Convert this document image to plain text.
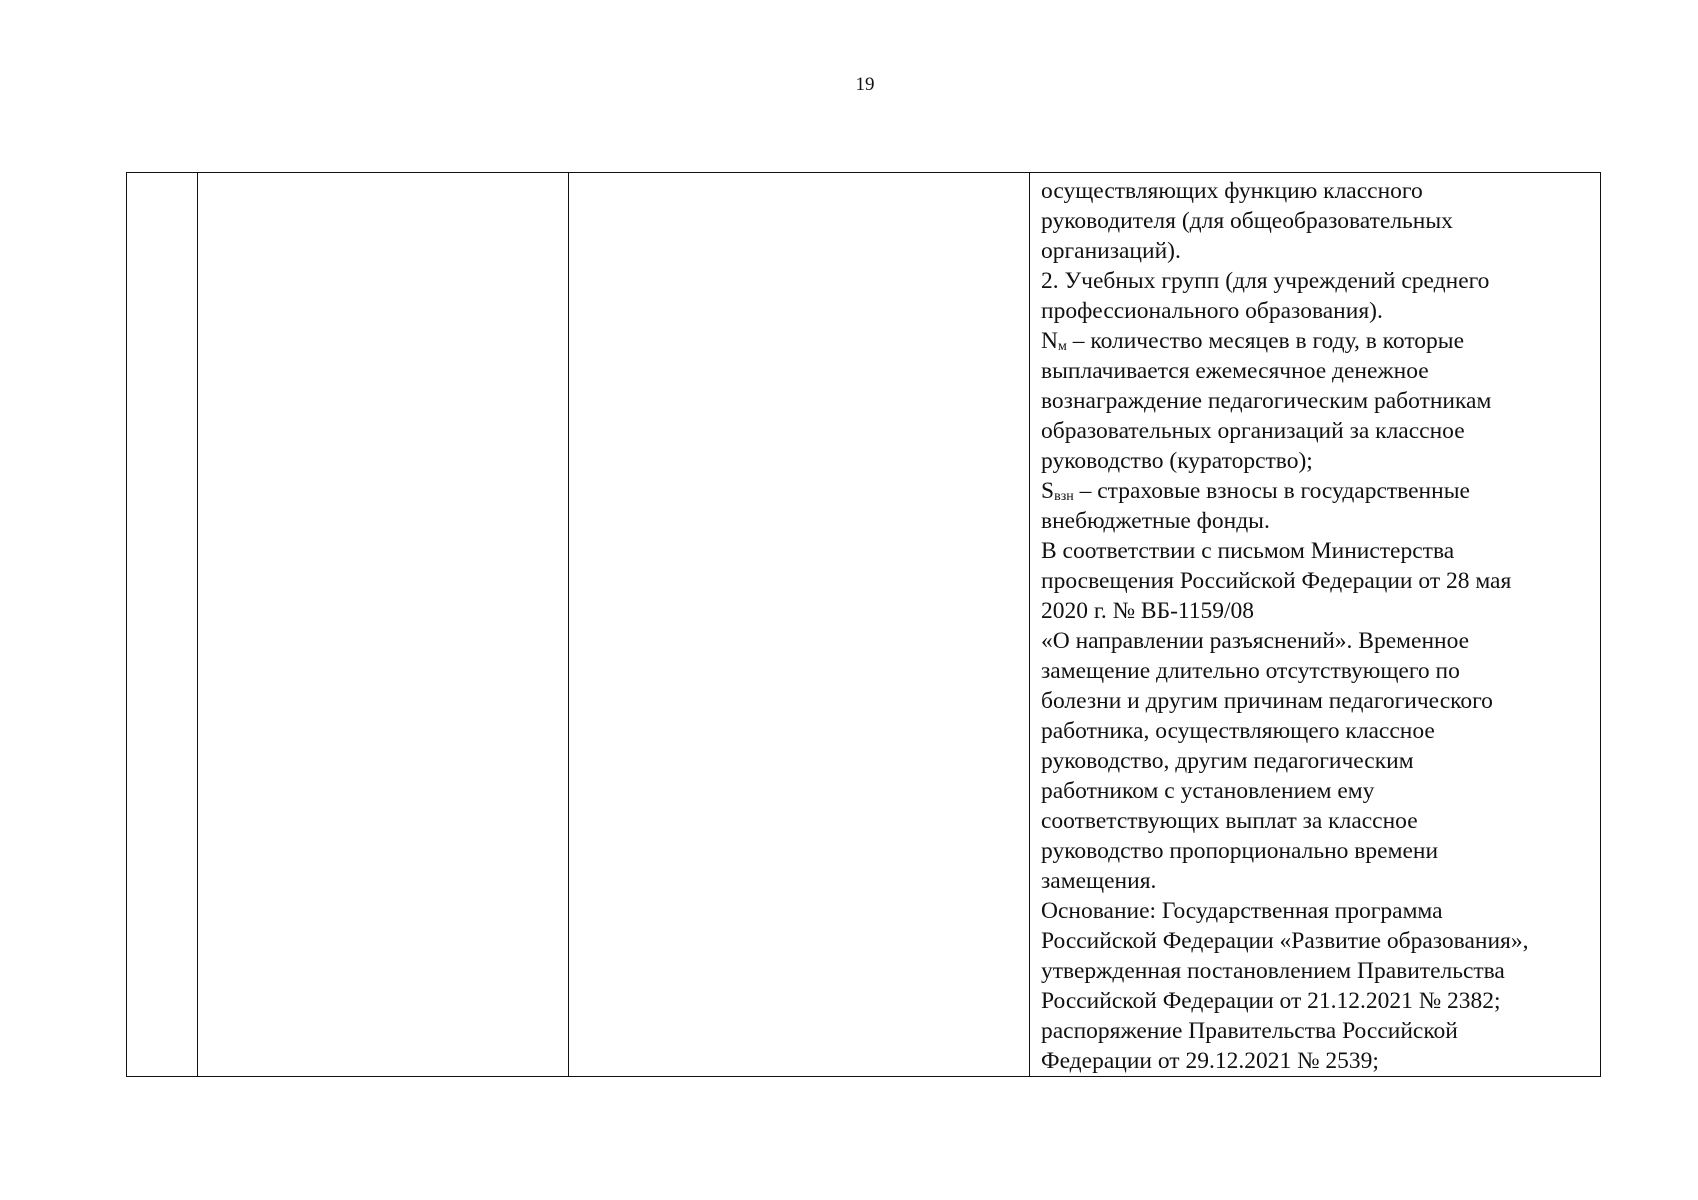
19

осуществляющих функцию классного
руководителя (для общеобразовательных
организаций).
2. Учебных групп (для учреждений среднего
профессионального образования).
$N_м$ – количество месяцев в году, в которые
выплачивается ежемесячное денежное
вознаграждение педагогическим работникам
образовательных организаций за классное
руководство (кураторство);
$S_{взн}$ – страховые взносы в государственные
внебюджетные фонды.
В соответствии с письмом Министерства
просвещения Российской Федерации от 28 мая
2020 г. № ВБ-1159/08
«О направлении разъяснений». Временное
замещение длительно отсутствующего по
болезни и другим причинам педагогического
работника, осуществляющего классное
руководство, другим педагогическим
работником с установлением ему
соответствующих выплат за классное
руководство пропорционально времени
замещения.
Основание: Государственная программа
Российской Федерации «Развитие образования»,
утвержденная постановлением Правительства
Российской Федерации от 21.12.2021 № 2382;
распоряжение Правительства Российской
Федерации от 29.12.2021 № 2539;
